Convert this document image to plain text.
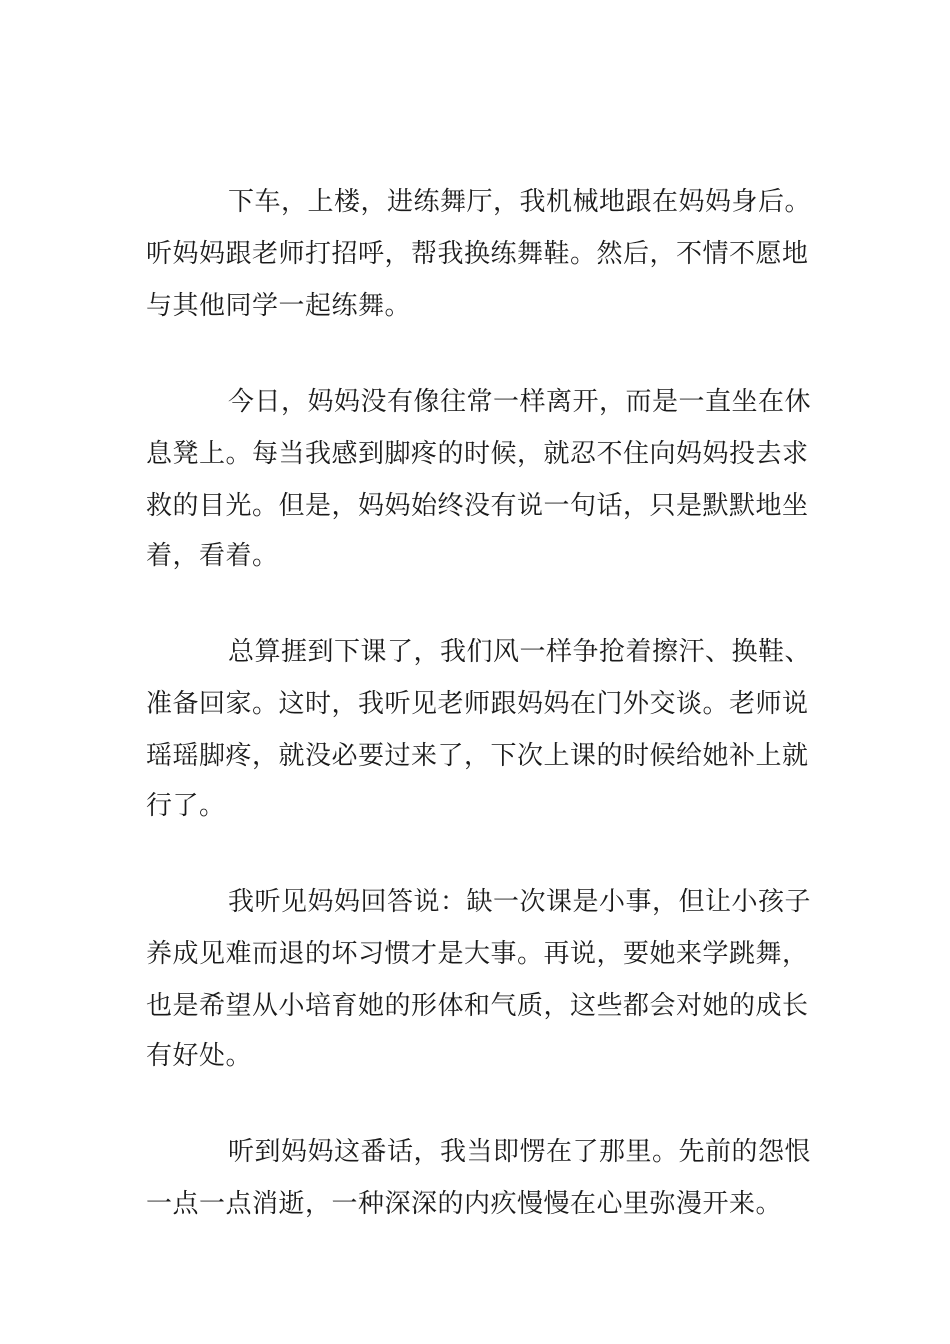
下车，上楼，进练舞厅，我机械地跟在妈妈身后。
听妈妈跟老师打招呼，帮我换练舞鞋。然后，不情不愿地
与其他同学一起练舞。
今日，妈妈没有像往常一样离开，而是一直坐在休
息凳上。每当我感到脚疼的时候，就忍不住向妈妈投去求
救的目光。但是，妈妈始终没有说一句话，只是默默地坐
着，看着。
总算捱到下课了，我们风一样争抢着擦汗、换鞋、
准备回家。这时，我听见老师跟妈妈在门外交谈。老师说
瑶瑶脚疼，就没必要过来了，下次上课的时候给她补上就
行了。
我听见妈妈回答说：缺一次课是小事，但让小孩子
养成见难而退的坏习惯才是大事。再说，要她来学跳舞，
也是希望从小培育她的形体和气质，这些都会对她的成长
有好处。
听到妈妈这番话，我当即愣在了那里。先前的怨恨
一点一点消逝，一种深深的内疚慢慢在心里弥漫开来。
